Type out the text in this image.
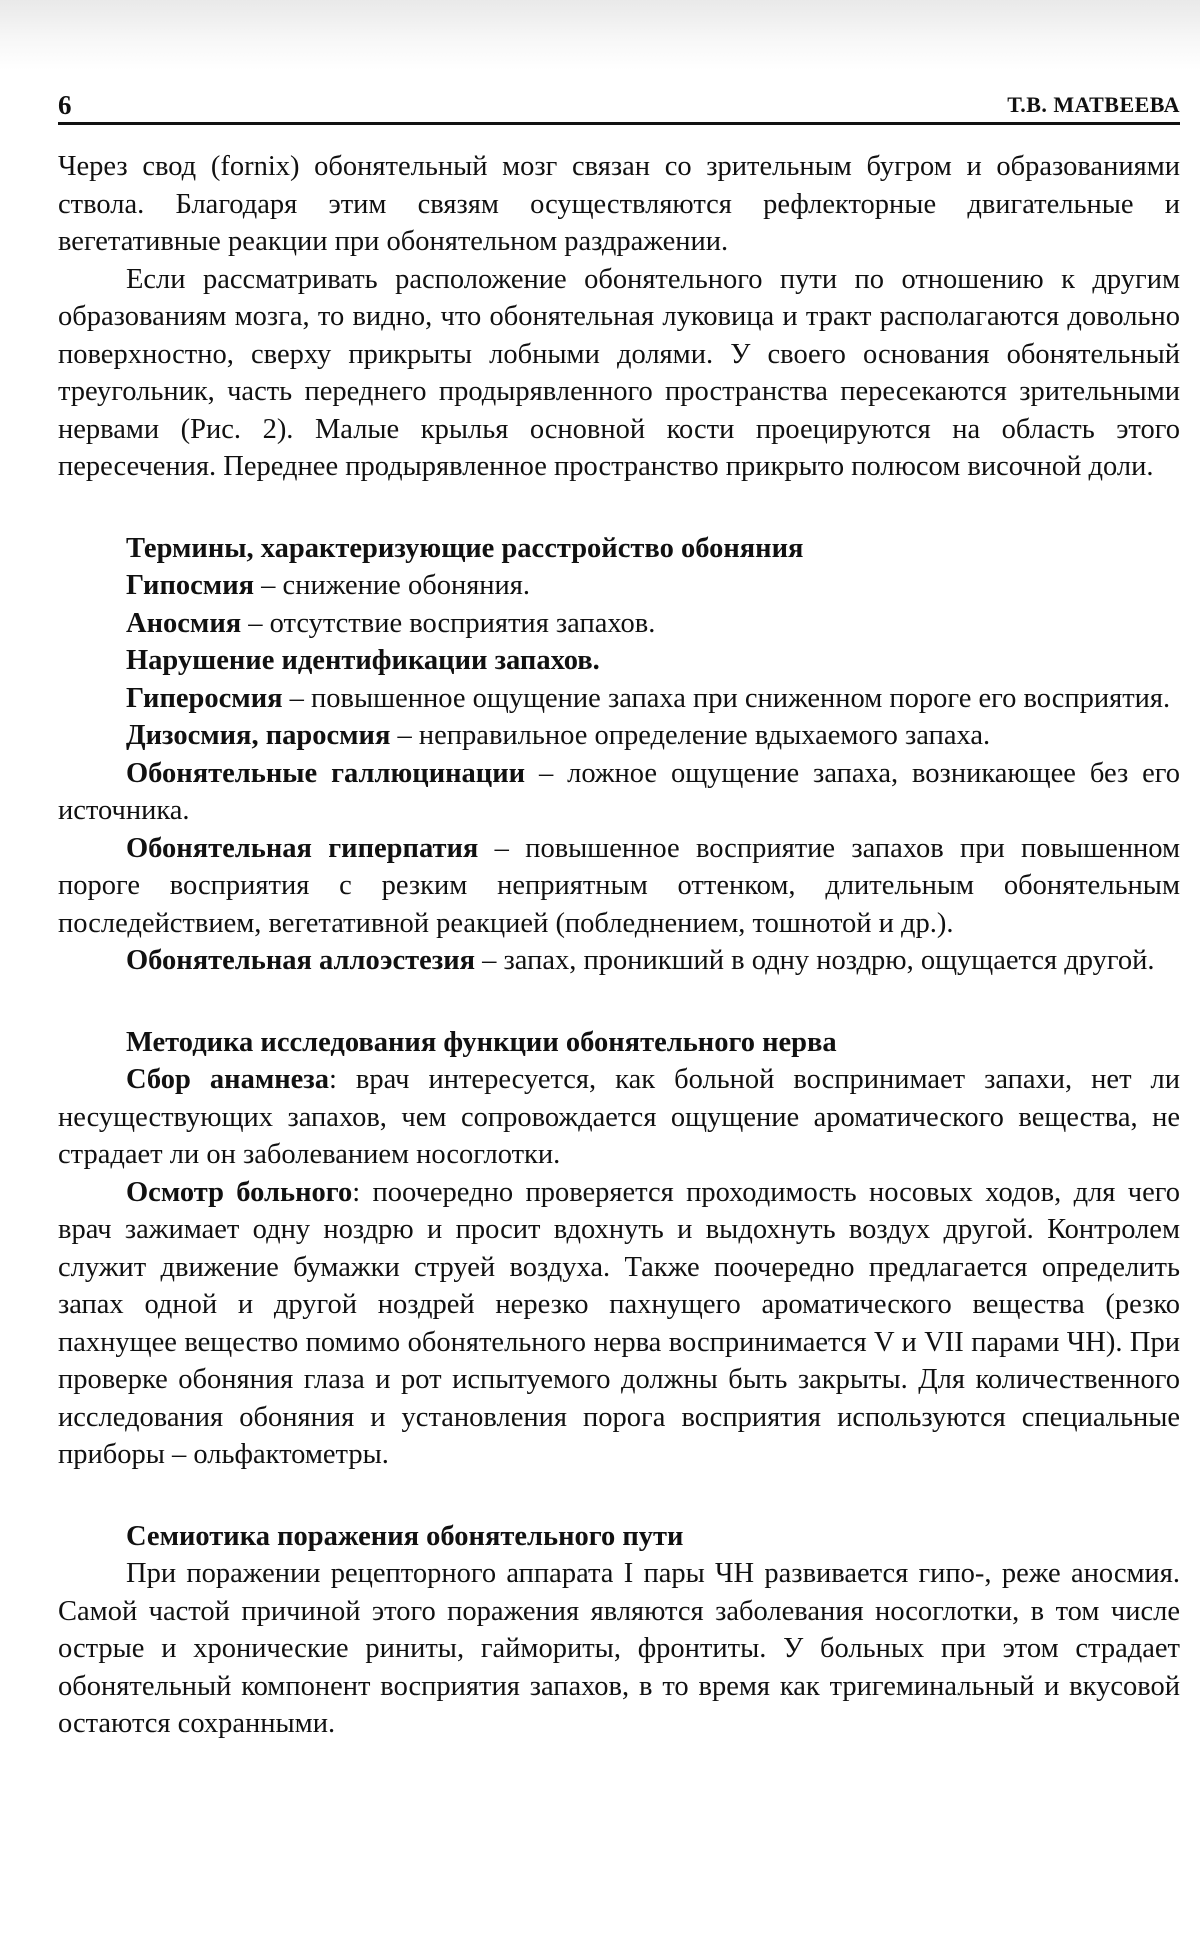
6	Т.В. МАТВЕЕВА

Через свод (fornix) обонятельный мозг связан со зрительным бугром и образованиями ствола. Благодаря этим связям осуществляются рефлекторные двигательные и вегетативные реакции при обонятельном раздражении.

Если рассматривать расположение обонятельного пути по отношению к другим образованиям мозга, то видно, что обонятельная луковица и тракт располагаются довольно поверхностно, сверху прикрыты лобными долями. У своего основания обонятельный треугольник, часть переднего продырявленного пространства пересекаются зрительными нервами (Рис. 2). Малые крылья основной кости проецируются на область этого пересечения. Переднее продырявленное пространство прикрыто полюсом височной доли.

Термины, характеризующие расстройство обоняния

Гипосмия – снижение обоняния.

Аносмия – отсутствие восприятия запахов.

Нарушение идентификации запахов.

Гиперосмия – повышенное ощущение запаха при сниженном пороге его восприятия.

Дизосмия, паросмия – неправильное определение вдыхаемого запаха.

Обонятельные галлюцинации – ложное ощущение запаха, возникающее без его источника.

Обонятельная гиперпатия – повышенное восприятие запахов при повышенном пороге восприятия с резким неприятным оттенком, длительным обонятельным последействием, вегетативной реакцией (побледнением, тошнотой и др.).

Обонятельная аллоэстезия – запах, проникший в одну ноздрю, ощущается другой.

Методика исследования функции обонятельного нерва

Сбор анамнеза: врач интересуется, как больной воспринимает запахи, нет ли несуществующих запахов, чем сопровождается ощущение ароматического вещества, не страдает ли он заболеванием носоглотки.

Осмотр больного: поочередно проверяется проходимость носовых ходов, для чего врач зажимает одну ноздрю и просит вдохнуть и выдохнуть воздух другой. Контролем служит движение бумажки струей воздуха. Также поочередно предлагается определить запах одной и другой ноздрей нерезко пахнущего ароматического вещества (резко пахнущее вещество помимо обонятельного нерва воспринимается V и VII парами ЧН). При проверке обоняния глаза и рот испытуемого должны быть закрыты. Для количественного исследования обоняния и установления порога восприятия используются специальные приборы – ольфактометры.

Семиотика поражения обонятельного пути

При поражении рецепторного аппарата I пары ЧН развивается гипо-, реже аносмия. Самой частой причиной этого поражения являются заболевания носоглотки, в том числе острые и хронические риниты, гаймориты, фронтиты. У больных при этом страдает обонятельный компонент восприятия запахов, в то время как тригеминальный и вкусовой остаются сохранными.
